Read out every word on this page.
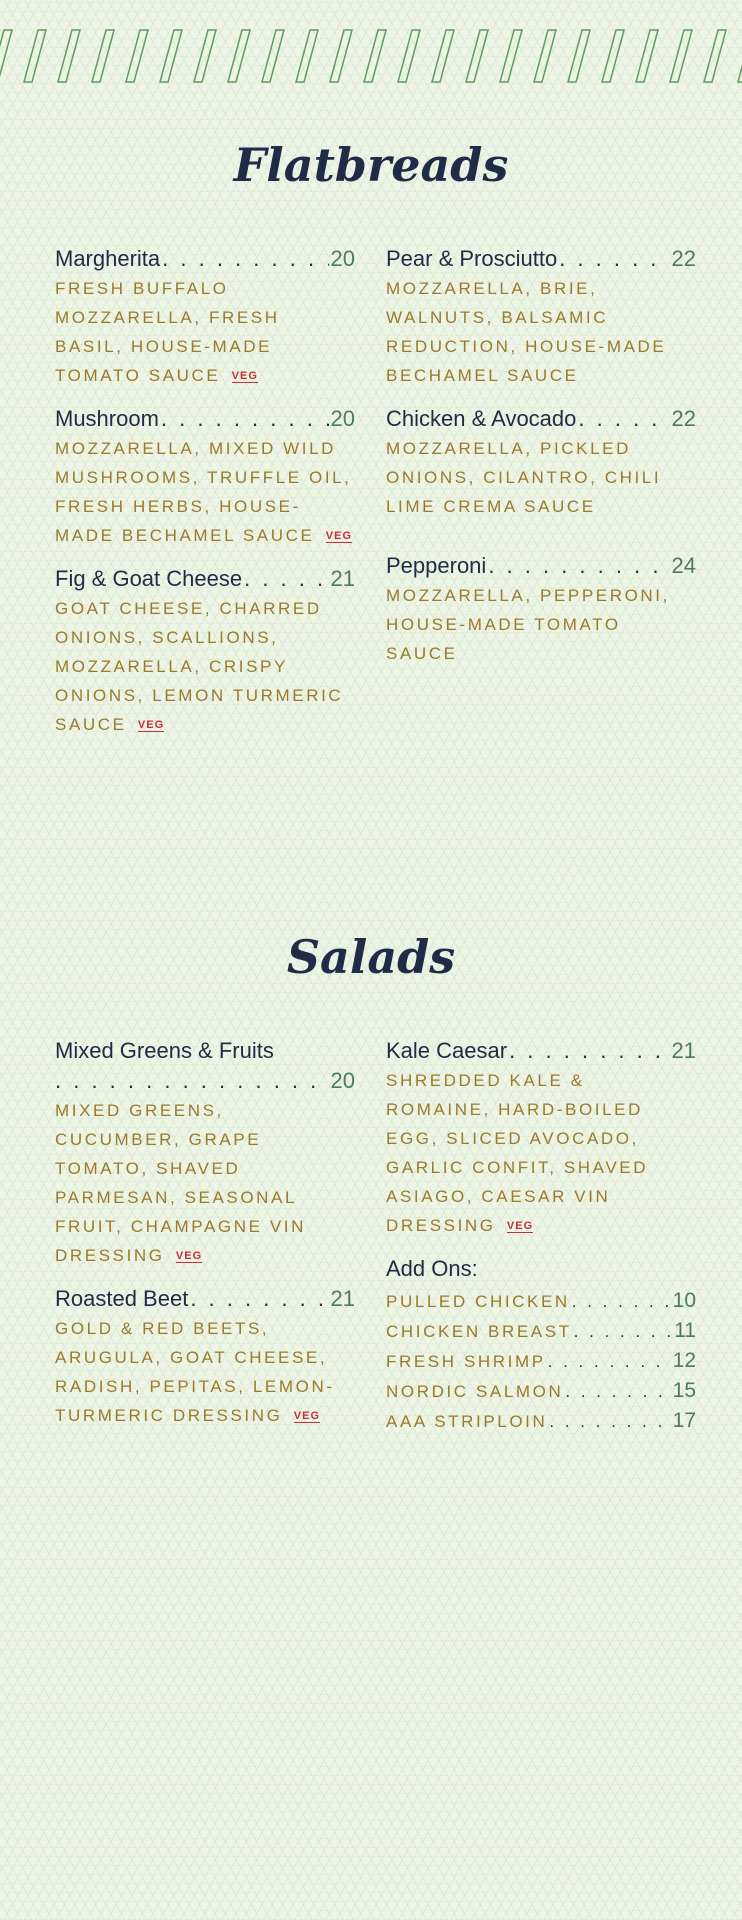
Flatbreads
Margherita . . .	20
FRESH BUFFALO MOZZARELLA, FRESH BASIL, HOUSE-MADE TOMATO SAUCE VEG
Mushroom . . .	20
MOZZARELLA, MIXED WILD MUSHROOMS, TRUFFLE OIL, FRESH HERBS, HOUSE-MADE BECHAMEL SAUCE VEG
Fig & Goat Cheese . . .	21
GOAT CHEESE, CHARRED ONIONS, SCALLIONS, MOZZARELLA, CRISPY ONIONS, LEMON TURMERIC SAUCE VEG
Pear & Prosciutto . . .	22
MOZZARELLA, BRIE, WALNUTS, BALSAMIC REDUCTION, HOUSE-MADE BECHAMEL SAUCE
Chicken & Avocado . . .	22
MOZZARELLA, PICKLED ONIONS, CILANTRO, CHILI LIME CREMA SAUCE
Pepperoni . . .	24
MOZZARELLA, PEPPERONI, HOUSE-MADE TOMATO SAUCE
Salads
Mixed Greens & Fruits
. . .
20
MIXED GREENS, CUCUMBER, GRAPE TOMATO, SHAVED PARMESAN, SEASONAL FRUIT, CHAMPAGNE VIN DRESSING VEG
Roasted Beet . . .	21
GOLD & RED BEETS, ARUGULA, GOAT CHEESE, RADISH, PEPITAS, LEMON-TURMERIC DRESSING VEG
Kale Caesar . . .	21
SHREDDED KALE & ROMAINE, HARD-BOILED EGG, SLICED AVOCADO, GARLIC CONFIT, SHAVED ASIAGO, CAESAR VIN DRESSING VEG
Add Ons:
PULLED CHICKEN . . .	10
CHICKEN BREAST . . .	11
FRESH SHRIMP . . .	12
NORDIC SALMON . . .	15
AAA STRIPLOIN . . .	17
